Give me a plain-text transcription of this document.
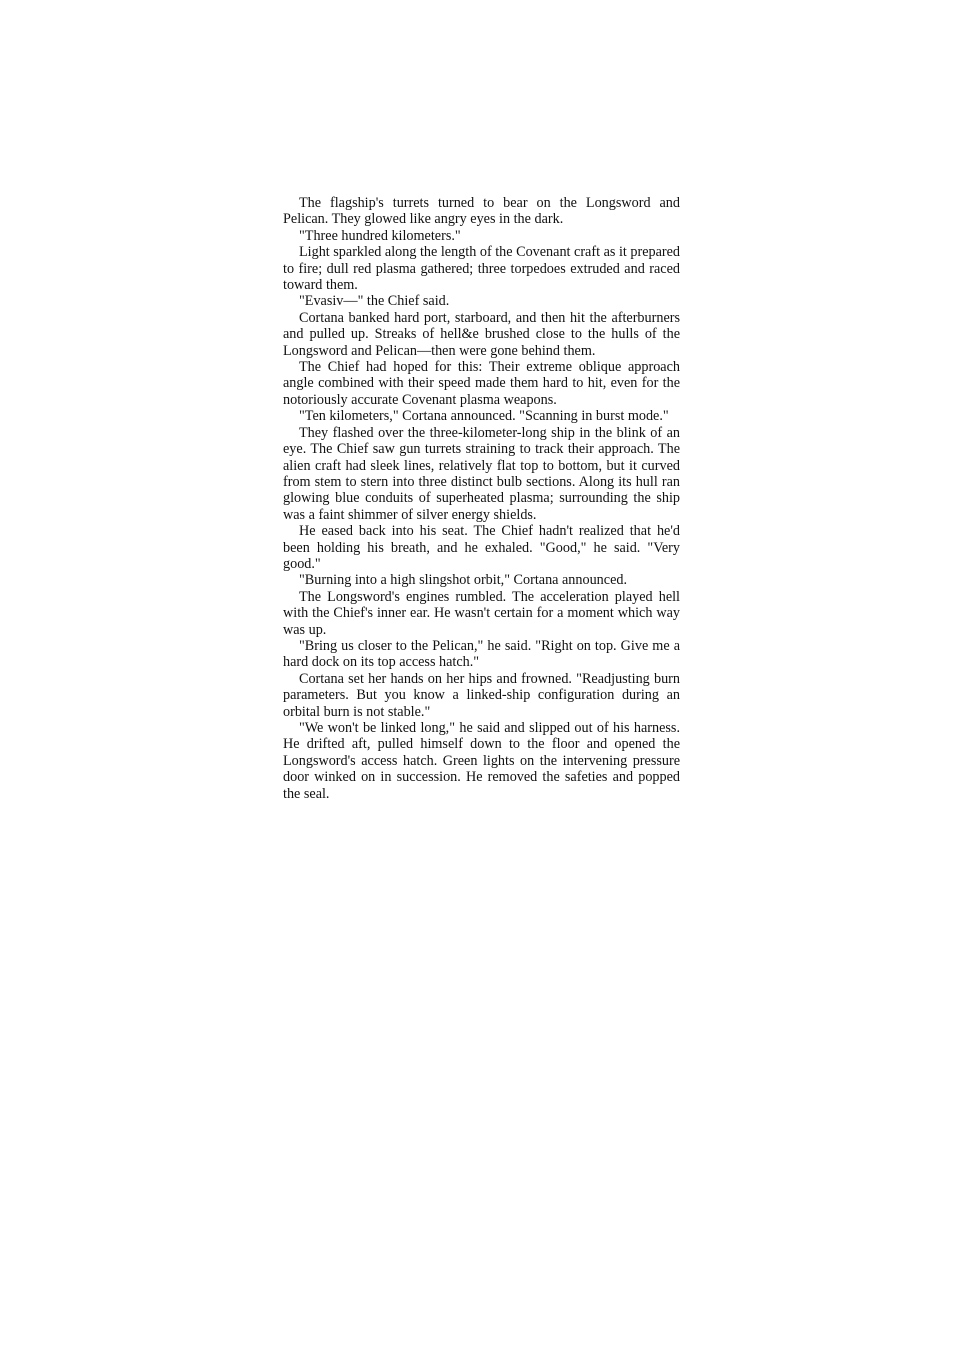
The flagship's turrets turned to bear on the Longsword and Pelican. They glowed like angry eyes in the dark.

"Three hundred kilometers."

Light sparkled along the length of the Covenant craft as it prepared to fire; dull red plasma gathered; three torpedoes extruded and raced toward them.

"Evasiv—" the Chief said.

Cortana banked hard port, starboard, and then hit the afterburners and pulled up. Streaks of hell&e brushed close to the hulls of the Longsword and Pelican—then were gone behind them.

The Chief had hoped for this: Their extreme oblique approach angle combined with their speed made them hard to hit, even for the notoriously accurate Covenant plasma weapons.

"Ten kilometers," Cortana announced. "Scanning in burst mode."

They flashed over the three-kilometer-long ship in the blink of an eye. The Chief saw gun turrets straining to track their approach. The alien craft had sleek lines, relatively flat top to bottom, but it curved from stem to stern into three distinct bulb sections. Along its hull ran glowing blue conduits of superheated plasma; surrounding the ship was a faint shimmer of silver energy shields.

He eased back into his seat. The Chief hadn't realized that he'd been holding his breath, and he exhaled. "Good," he said. "Very good."

"Burning into a high slingshot orbit," Cortana announced.

The Longsword's engines rumbled. The acceleration played hell with the Chief's inner ear. He wasn't certain for a moment which way was up.

"Bring us closer to the Pelican," he said. "Right on top. Give me a hard dock on its top access hatch."

Cortana set her hands on her hips and frowned. "Readjusting burn parameters. But you know a linked-ship configuration during an orbital burn is not stable."

"We won't be linked long," he said and slipped out of his harness. He drifted aft, pulled himself down to the floor and opened the Longsword's access hatch. Green lights on the intervening pressure door winked on in succession. He removed the safeties and popped the seal.
